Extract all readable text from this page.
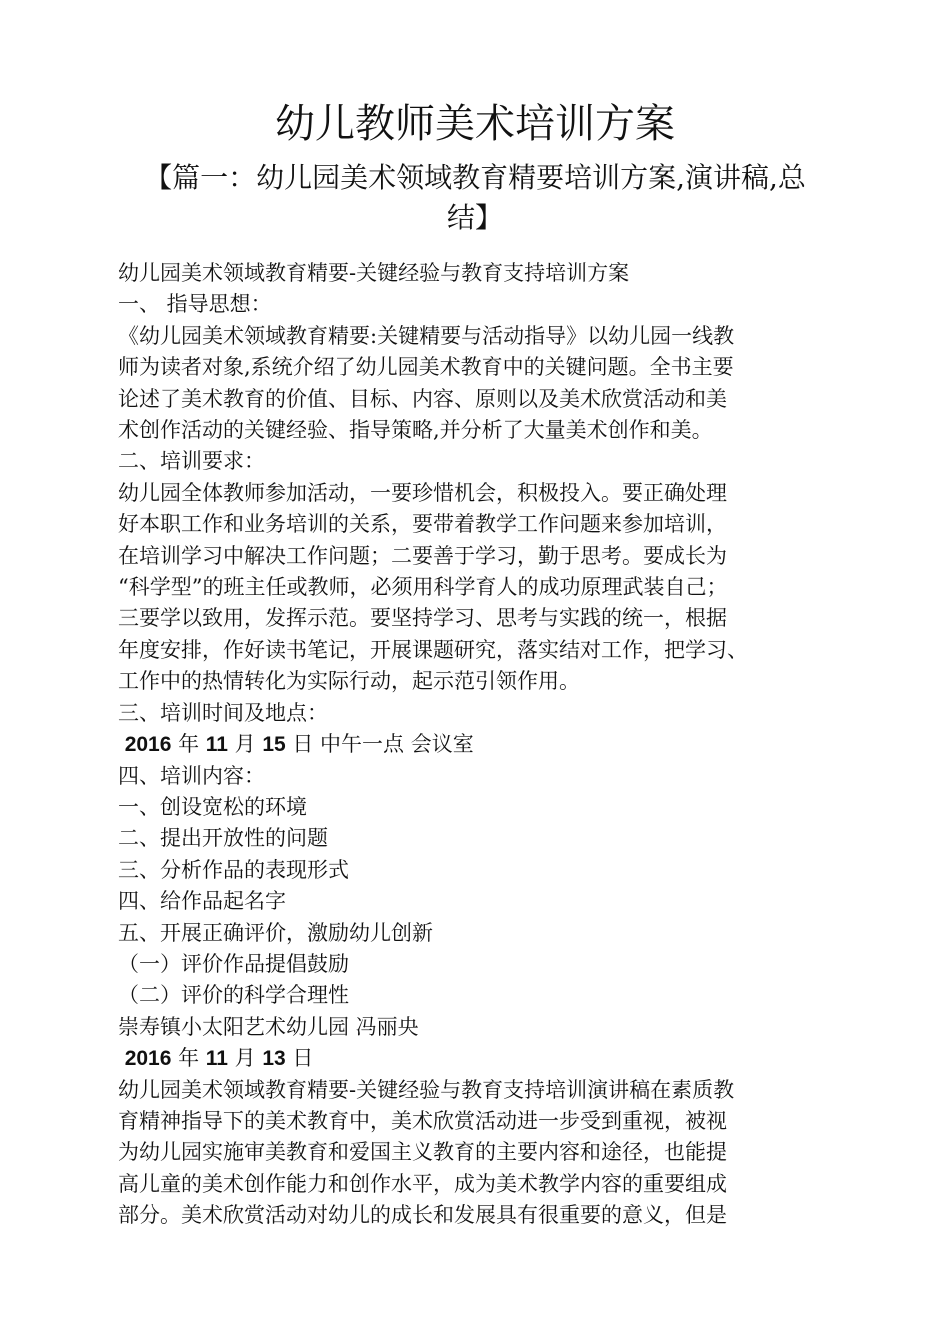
幼儿教师美术培训方案
【篇一：幼儿园美术领域教育精要培训方案,演讲稿,总
结】

幼儿园美术领域教育精要-关键经验与教育支持培训方案

一、 指导思想：

《幼儿园美术领域教育精要:关键精要与活动指导》以幼儿园一线教

师为读者对象,系统介绍了幼儿园美术教育中的关键问题。全书主要

论述了美术教育的价值、目标、内容、原则以及美术欣赏活动和美

术创作活动的关键经验、指导策略,并分析了大量美术创作和美。

二、培训要求：

幼儿园全体教师参加活动，一要珍惜机会，积极投入。要正确处理

好本职工作和业务培训的关系，要带着教学工作问题来参加培训，

在培训学习中解决工作问题；二要善于学习，勤于思考。要成长为

“科学型”的班主任或教师，必须用科学育人的成功原理武装自己；

三要学以致用，发挥示范。要坚持学习、思考与实践的统一，根据

年度安排，作好读书笔记，开展课题研究，落实结对工作，把学习、

工作中的热情转化为实际行动，起示范引领作用。

三、培训时间及地点：

2016 年 11 月 15 日 中午一点 会议室

四、培训内容：

一、创设宽松的环境

二、提出开放性的问题

三、分析作品的表现形式

四、给作品起名字

五、开展正确评价，激励幼儿创新

（一）评价作品提倡鼓励

（二）评价的科学合理性

崇寿镇小太阳艺术幼儿园 冯丽央

2016 年 11 月 13 日

幼儿园美术领域教育精要-关键经验与教育支持培训演讲稿在素质教

育精神指导下的美术教育中，美术欣赏活动进一步受到重视，被视

为幼儿园实施审美教育和爱国主义教育的主要内容和途径，也能提

高儿童的美术创作能力和创作水平，成为美术教学内容的重要组成

部分。美术欣赏活动对幼儿的成长和发展具有很重要的意义，但是
